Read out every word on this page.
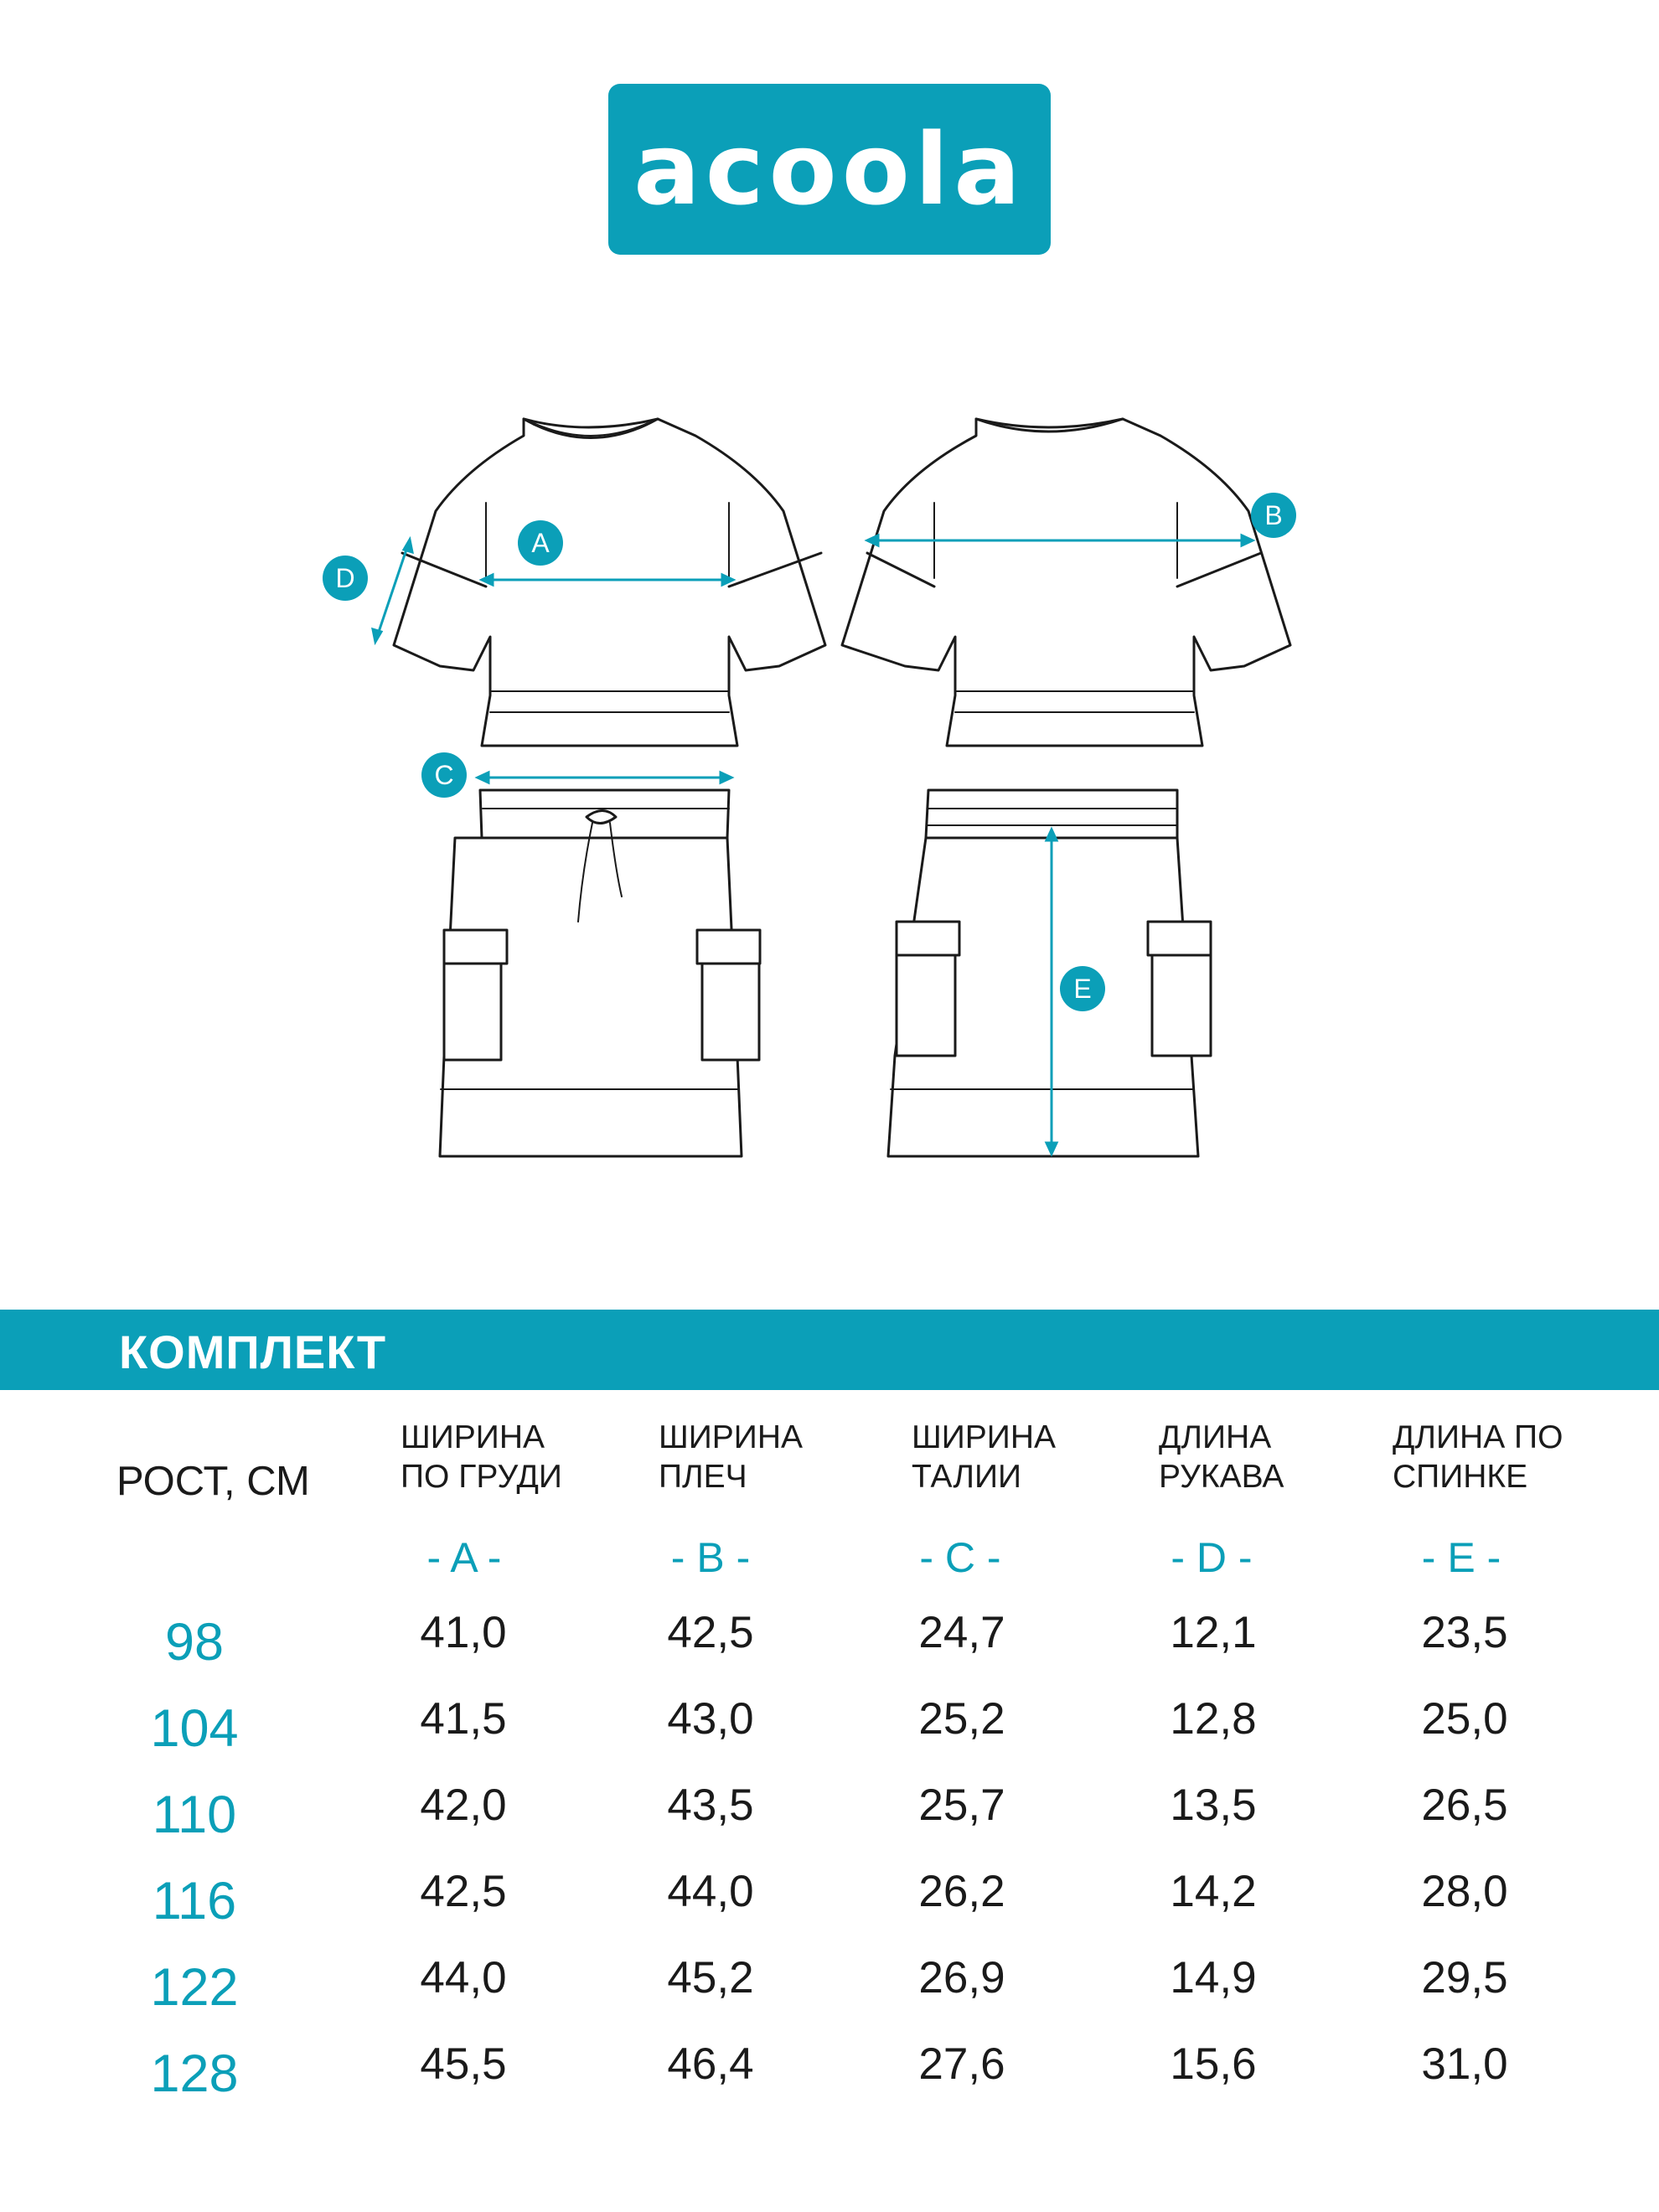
acoola
A
B
C
D
E
КОМПЛЕКТ
РОСТ, СМ
ШИРИНА
ПО ГРУДИ
ШИРИНА
ПЛЕЧ
ШИРИНА
ТАЛИИ
ДЛИНА
РУКАВА
ДЛИНА ПО
СПИНКЕ
- A -	- B -	- C -	- D -	- E -
98	41,0	42,5	24,7	12,1	23,5
104	41,5	43,0	25,2	12,8	25,0
110	42,0	43,5	25,7	13,5	26,5
116	42,5	44,0	26,2	14,2	28,0
122	44,0	45,2	26,9	14,9	29,5
128	45,5	46,4	27,6	15,6	31,0
